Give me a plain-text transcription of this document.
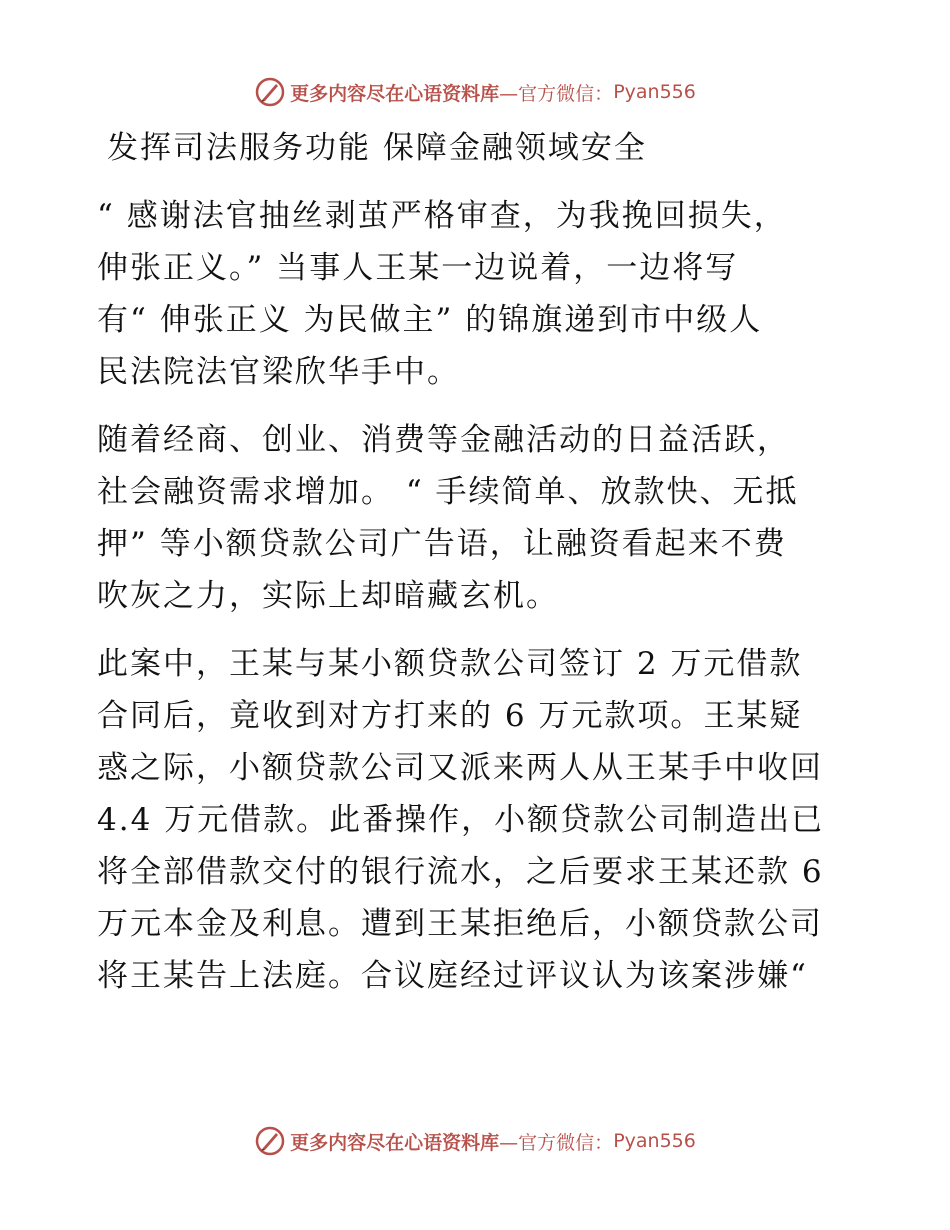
更多内容尽在心语资料库 —官方微信： Pyan556
发挥司法服务功能 保障金融领域安全
“ 感谢法官抽丝剥茧严格审查，为我挽回损失，
伸张正义。” 当事人王某一边说着，一边将写
有“ 伸张正义 为民做主” 的锦旗递到市中级人
民法院法官梁欣华手中。
随着经商、创业、消费等金融活动的日益活跃，
社会融资需求增加。 “ 手续简单、放款快、无抵
押” 等小额贷款公司广告语，让融资看起来不费
吹灰之力，实际上却暗藏玄机。
此案中，王某与某小额贷款公司签订 2 万元借款
合同后，竟收到对方打来的 6 万元款项。王某疑
惑之际，小额贷款公司又派来两人从王某手中收回
4.4 万元借款。此番操作，小额贷款公司制造出已
将全部借款交付的银行流水，之后要求王某还款 6
万元本金及利息。遭到王某拒绝后，小额贷款公司
将王某告上法庭。合议庭经过评议认为该案涉嫌“
更多内容尽在心语资料库 —官方微信： Pyan556
